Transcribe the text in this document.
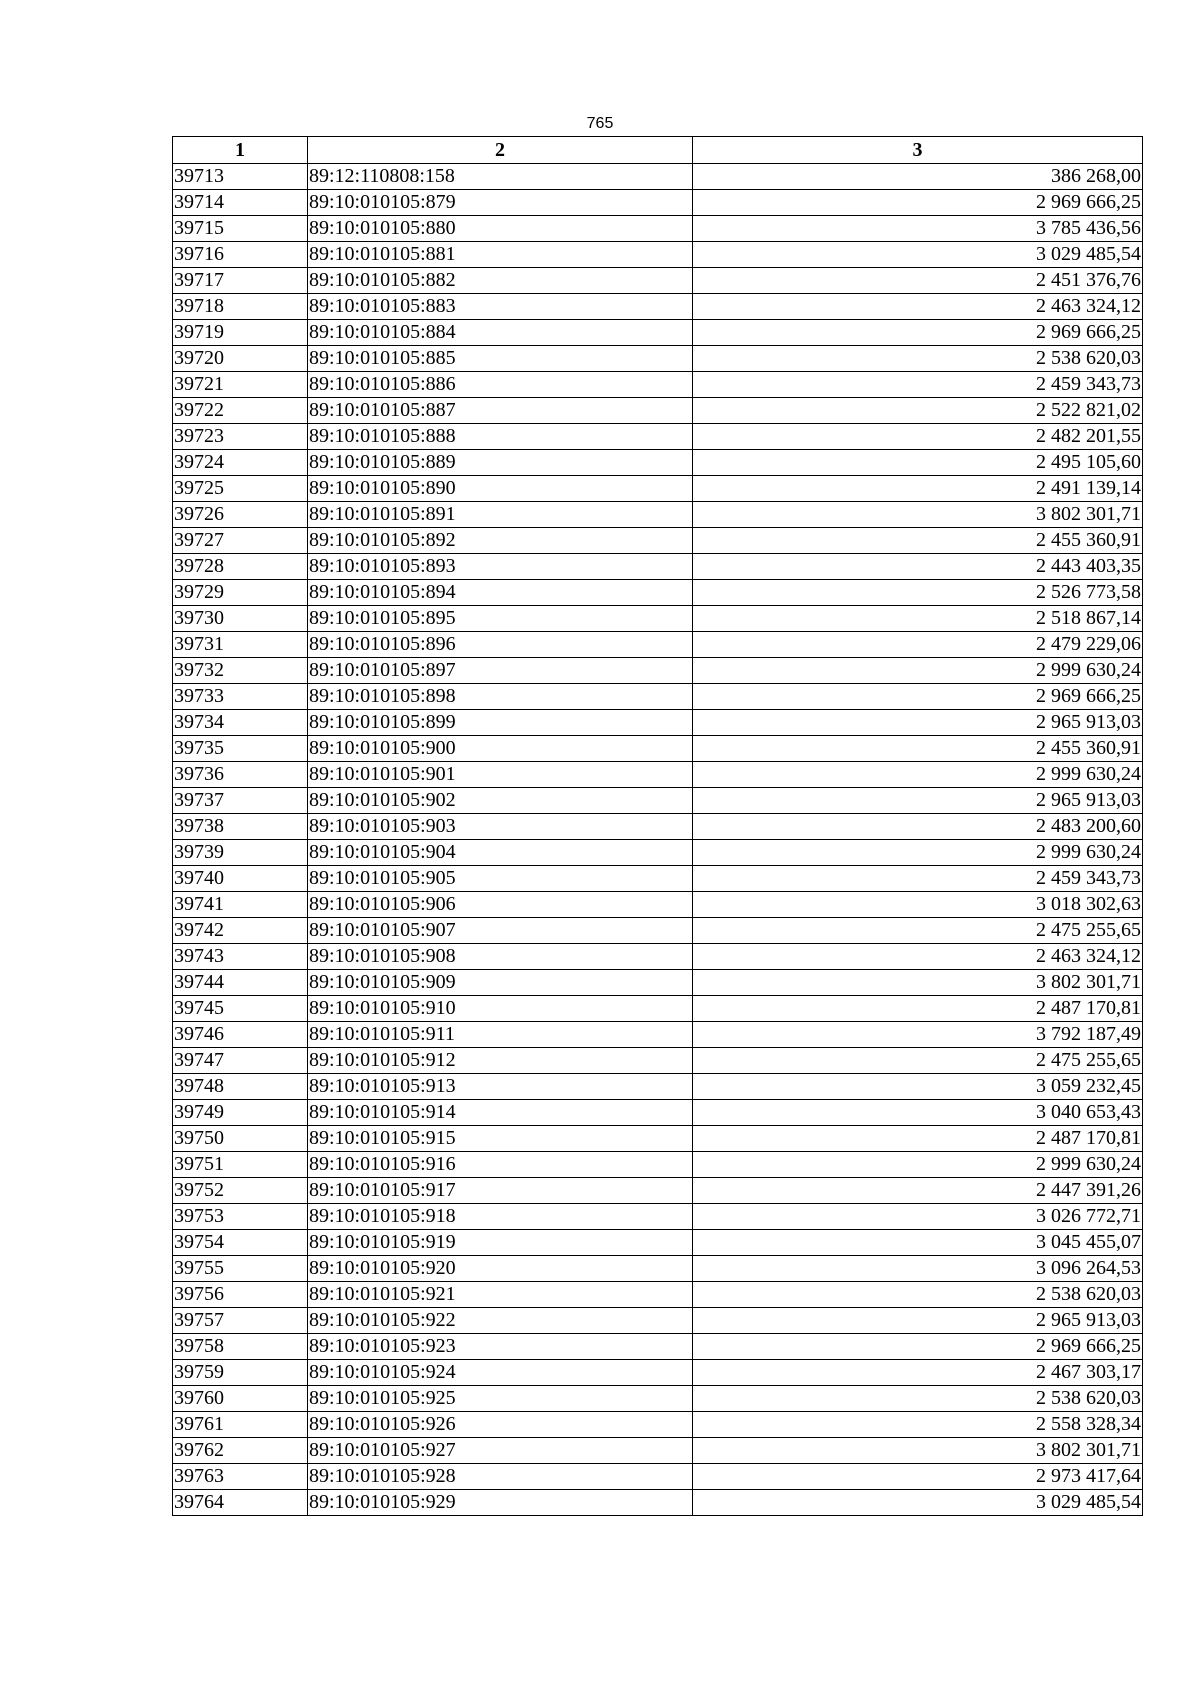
765
1	2	3
39713	89:12:110808:158	386 268,00
39714	89:10:010105:879	2 969 666,25
39715	89:10:010105:880	3 785 436,56
39716	89:10:010105:881	3 029 485,54
39717	89:10:010105:882	2 451 376,76
39718	89:10:010105:883	2 463 324,12
39719	89:10:010105:884	2 969 666,25
39720	89:10:010105:885	2 538 620,03
39721	89:10:010105:886	2 459 343,73
39722	89:10:010105:887	2 522 821,02
39723	89:10:010105:888	2 482 201,55
39724	89:10:010105:889	2 495 105,60
39725	89:10:010105:890	2 491 139,14
39726	89:10:010105:891	3 802 301,71
39727	89:10:010105:892	2 455 360,91
39728	89:10:010105:893	2 443 403,35
39729	89:10:010105:894	2 526 773,58
39730	89:10:010105:895	2 518 867,14
39731	89:10:010105:896	2 479 229,06
39732	89:10:010105:897	2 999 630,24
39733	89:10:010105:898	2 969 666,25
39734	89:10:010105:899	2 965 913,03
39735	89:10:010105:900	2 455 360,91
39736	89:10:010105:901	2 999 630,24
39737	89:10:010105:902	2 965 913,03
39738	89:10:010105:903	2 483 200,60
39739	89:10:010105:904	2 999 630,24
39740	89:10:010105:905	2 459 343,73
39741	89:10:010105:906	3 018 302,63
39742	89:10:010105:907	2 475 255,65
39743	89:10:010105:908	2 463 324,12
39744	89:10:010105:909	3 802 301,71
39745	89:10:010105:910	2 487 170,81
39746	89:10:010105:911	3 792 187,49
39747	89:10:010105:912	2 475 255,65
39748	89:10:010105:913	3 059 232,45
39749	89:10:010105:914	3 040 653,43
39750	89:10:010105:915	2 487 170,81
39751	89:10:010105:916	2 999 630,24
39752	89:10:010105:917	2 447 391,26
39753	89:10:010105:918	3 026 772,71
39754	89:10:010105:919	3 045 455,07
39755	89:10:010105:920	3 096 264,53
39756	89:10:010105:921	2 538 620,03
39757	89:10:010105:922	2 965 913,03
39758	89:10:010105:923	2 969 666,25
39759	89:10:010105:924	2 467 303,17
39760	89:10:010105:925	2 538 620,03
39761	89:10:010105:926	2 558 328,34
39762	89:10:010105:927	3 802 301,71
39763	89:10:010105:928	2 973 417,64
39764	89:10:010105:929	3 029 485,54
